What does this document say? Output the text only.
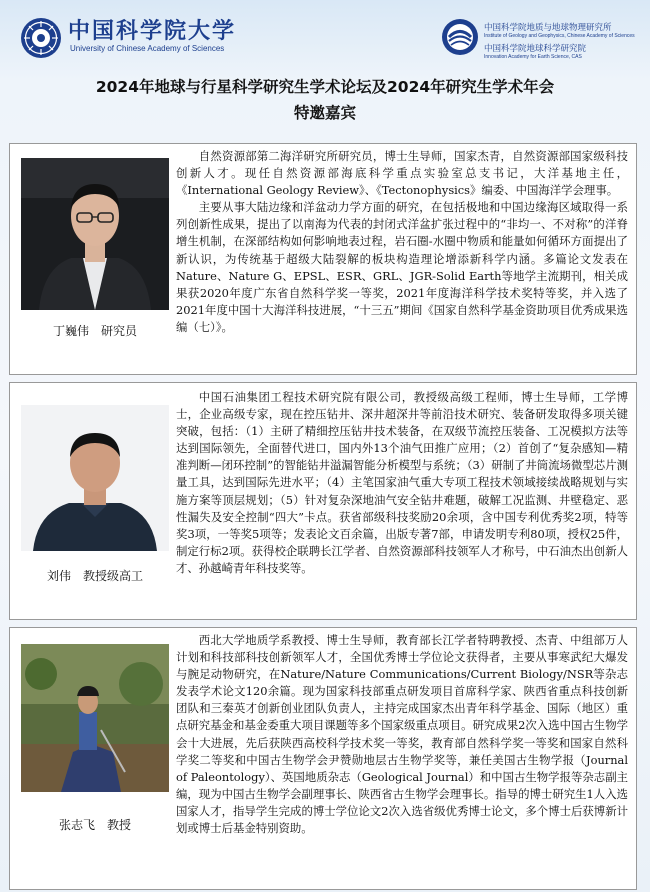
中国科学院大学
University of Chinese Academy of Sciences
中国科学院地质与地球物理研究所
Institute of Geology and Geophysics, Chinese Academy of Sciences
中国科学院地球科学研究院
Innovation Academy for Earth Science, CAS
2024年地球与行星科学研究生学术论坛及2024年研究生学术年会
特邀嘉宾
丁巍伟　研究员

自然资源部第二海洋研究所研究员，博士生导师，国家杰青，自然资源部国家级科技创新人才。现任自然资源部海底科学重点实验室总支书记，大洋基地主任，《International Geology Review》、《Tectonophysics》编委、中国海洋学会理事。

主要从事大陆边缘和洋盆动力学方面的研究，在包括极地和中国边缘海区域取得一系列创新性成果，提出了以南海为代表的封闭式洋盆扩张过程中的“非均一、不对称”的洋脊增生机制，在深部结构如何影响地表过程，岩石圈-水圈中物质和能量如何循环方面提出了新认识，为传统基于超级大陆裂解的板块构造理论增添新科学内涵。多篇论文发表在Nature、Nature G、EPSL、ESR、GRL、JGR-Solid Earth等地学主流期刊，相关成果获2020年度广东省自然科学奖一等奖，2021年度海洋科学技术奖特等奖，并入选了2021年度中国十大海洋科技进展，“十三五”期间《国家自然科学基金资助项目优秀成果选编（七）》。

刘伟　教授级高工

中国石油集团工程技术研究院有限公司，教授级高级工程师，博士生导师，工学博士，企业高级专家，现在控压钻井、深井超深井等前沿技术研究、装备研发取得多项关键突破，包括：（1）主研了精细控压钻井技术装备，在双级节流控压装备、工况模拟方法等达到国际领先，全面替代进口，国内外13个油气田推广应用；（2）首创了“复杂感知—精准判断—闭环控制”的智能钻井溢漏智能分析模型与系统；（3）研制了井筒流场微型芯片测量工具，达到国际先进水平；（4）主笔国家油气重大专项工程技术领域接续战略规划与实施方案等顶层规划；（5）针对复杂深地油气安全钻井难题，破解工况监测、井壁稳定、恶性漏失及安全控制“四大”卡点。获省部级科技奖励20余项，含中国专利优秀奖2项，特等奖3项，一等奖5项等；发表论文百余篇，出版专著7部，申请发明专利80项，授权25件，制定行标2项。获得校企联聘长江学者、自然资源部科技领军人才称号，中石油杰出创新人才、孙越崎青年科技奖等。

张志飞　教授

西北大学地质学系教授、博士生导师，教育部长江学者特聘教授、杰青、中组部万人计划和科技部科技创新领军人才，全国优秀博士学位论文获得者，主要从事寒武纪大爆发与腕足动物研究，在Nature/Nature Communications/Current Biology/NSR等杂志发表学术论文120余篇。现为国家科技部重点研发项目首席科学家、陕西省重点科技创新团队和三秦英才创新创业团队负责人，主持完成国家杰出青年科学基金、国际（地区）重点研究基金和基金委重大项目课题等多个国家级重点项目。研究成果2次入选中国古生物学会十大进展，先后获陕西高校科学技术奖一等奖，教育部自然科学奖一等奖和国家自然科学奖二等奖和中国古生物学会尹赞勋地层古生物学奖等，兼任美国古生物学报（Journal of Paleontology）、英国地质杂志（Geological Journal）和中国古生物学报等杂志副主编，现为中国古生物学会副理事长、陕西省古生物学会理事长。指导的博士研究生1人入选国家人才，指导学生完成的博士学位论文2次入选省级优秀博士论文，多个博士后获博新计划或博士后基金特别资助。
